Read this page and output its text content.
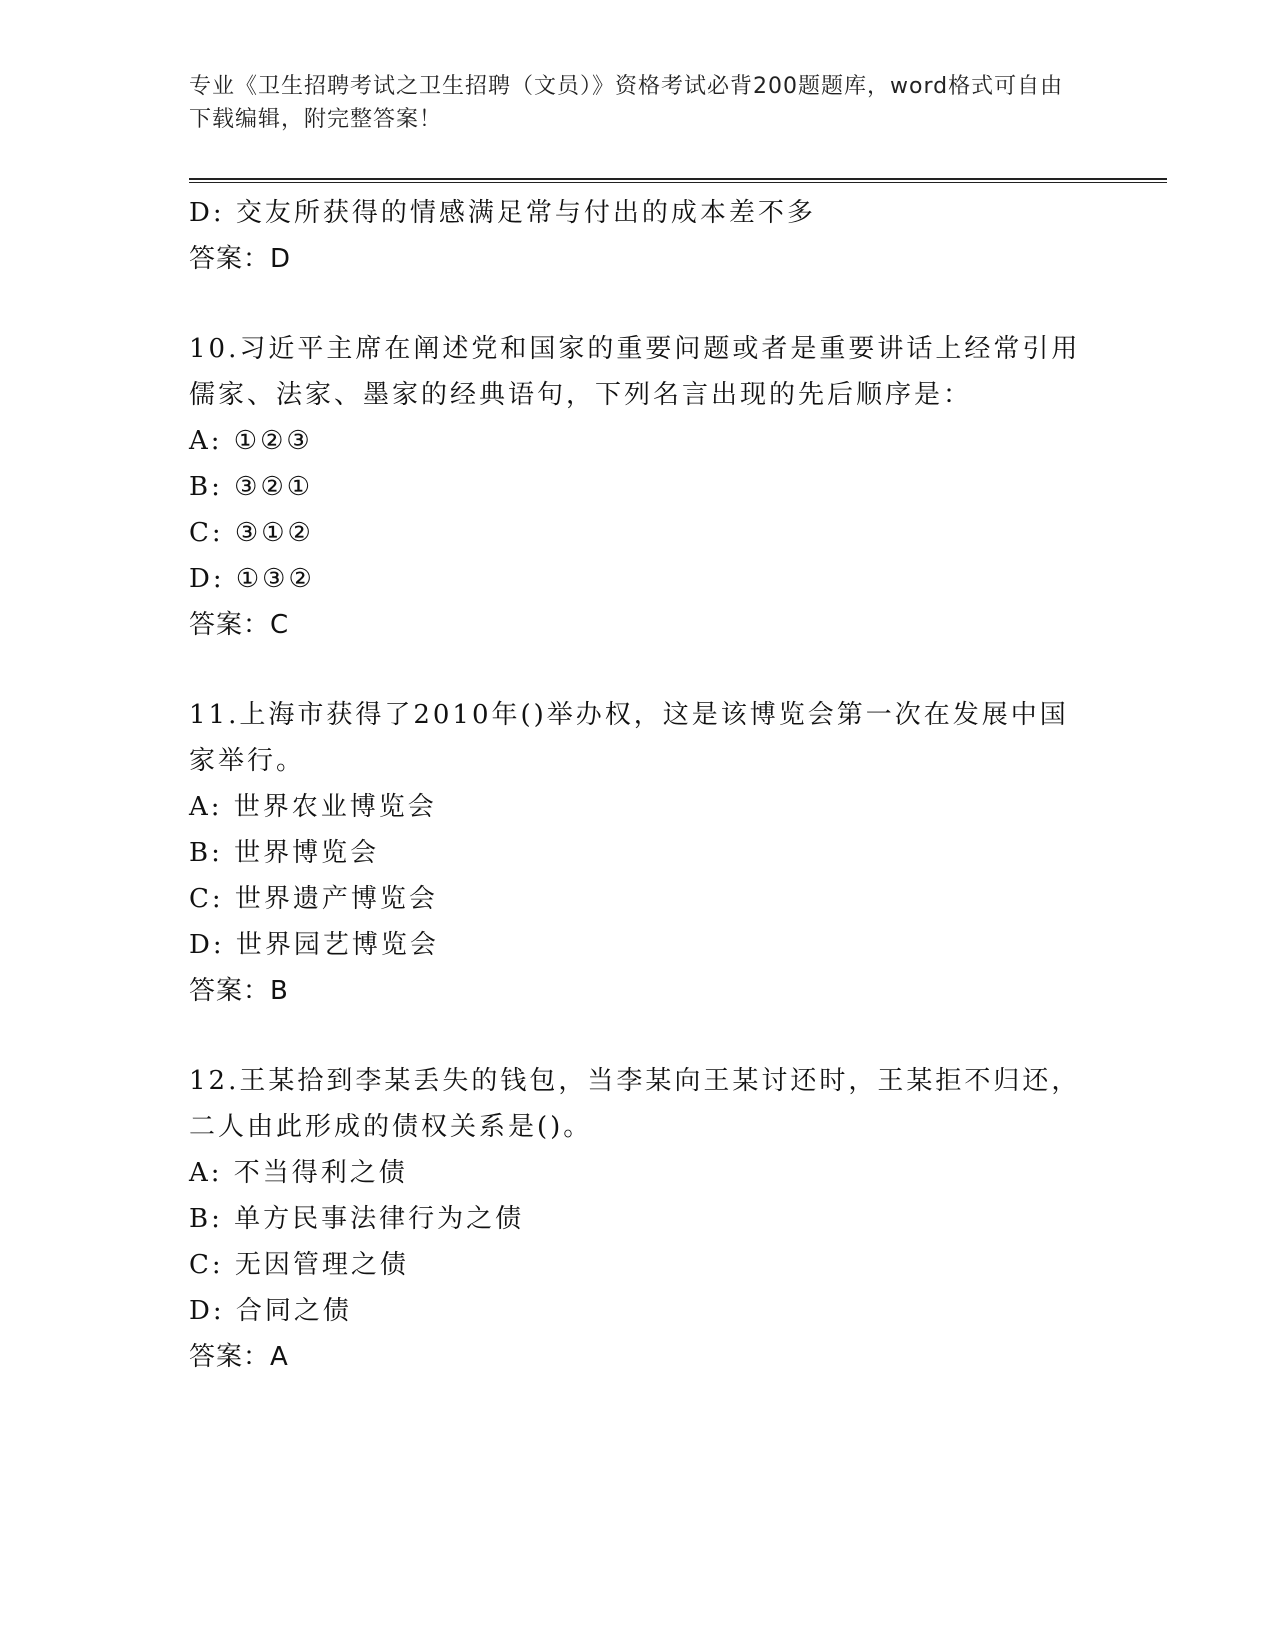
专业《卫生招聘考试之卫生招聘（文员）》资格考试必背200题题库，word格式可自由下载编辑，附完整答案！
D: 交友所获得的情感满足常与付出的成本差不多
答案：D
10.习近平主席在阐述党和国家的重要问题或者是重要讲话上经常引用儒家、法家、墨家的经典语句，下列名言出现的先后顺序是：
A: ①②③
B: ③②①
C: ③①②
D: ①③②
答案：C
11.上海市获得了2010年()举办权，这是该博览会第一次在发展中国家举行。
A: 世界农业博览会
B: 世界博览会
C: 世界遗产博览会
D: 世界园艺博览会
答案：B
12.王某拾到李某丢失的钱包，当李某向王某讨还时，王某拒不归还，二人由此形成的债权关系是()。
A: 不当得利之债
B: 单方民事法律行为之债
C: 无因管理之债
D: 合同之债
答案：A
